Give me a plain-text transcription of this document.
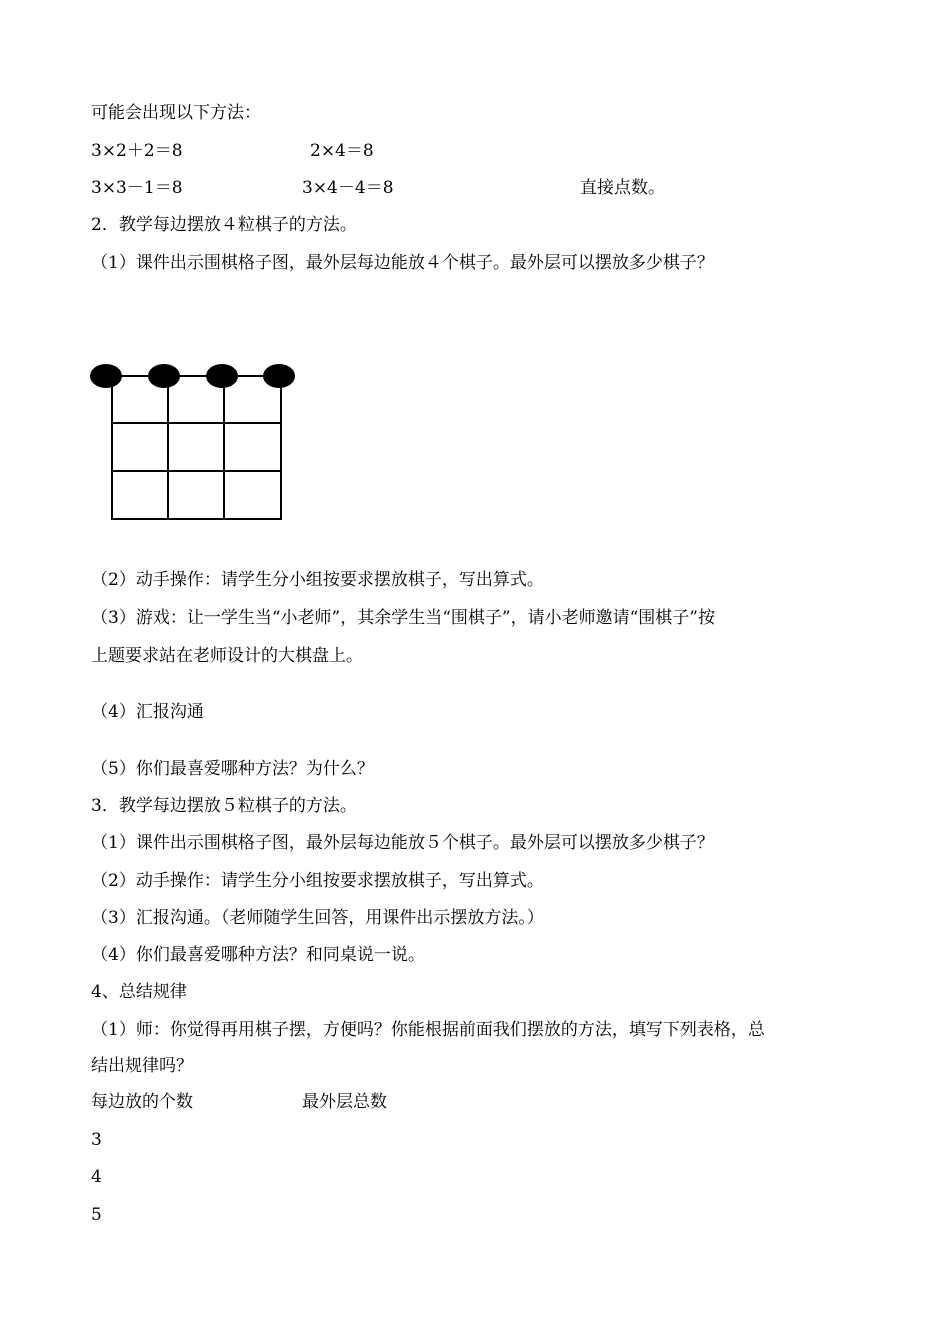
可能会出现以下方法：
3×2＋2＝8	2×4＝8
3×3－1＝8	3×4－4＝8	直接点数。
2．教学每边摆放４粒棋子的方法。
（1）课件出示围棋格子图，最外层每边能放４个棋子。最外层可以摆放多少棋子？
（2）动手操作：请学生分小组按要求摆放棋子，写出算式。
（3）游戏：让一学生当“小老师”，其余学生当“围棋子”，请小老师邀请“围棋子”按
上题要求站在老师设计的大棋盘上。
（4）汇报沟通
（5）你们最喜爱哪种方法？为什么？
3．教学每边摆放５粒棋子的方法。
（1）课件出示围棋格子图，最外层每边能放５个棋子。最外层可以摆放多少棋子？
（2）动手操作：请学生分小组按要求摆放棋子，写出算式。
（3）汇报沟通。（老师随学生回答，用课件出示摆放方法。）
（4）你们最喜爱哪种方法？和同桌说一说。
4、总结规律
（1）师：你觉得再用棋子摆，方便吗？你能根据前面我们摆放的方法，填写下列表格，总
结出规律吗？
每边放的个数	最外层总数
3
4
5
